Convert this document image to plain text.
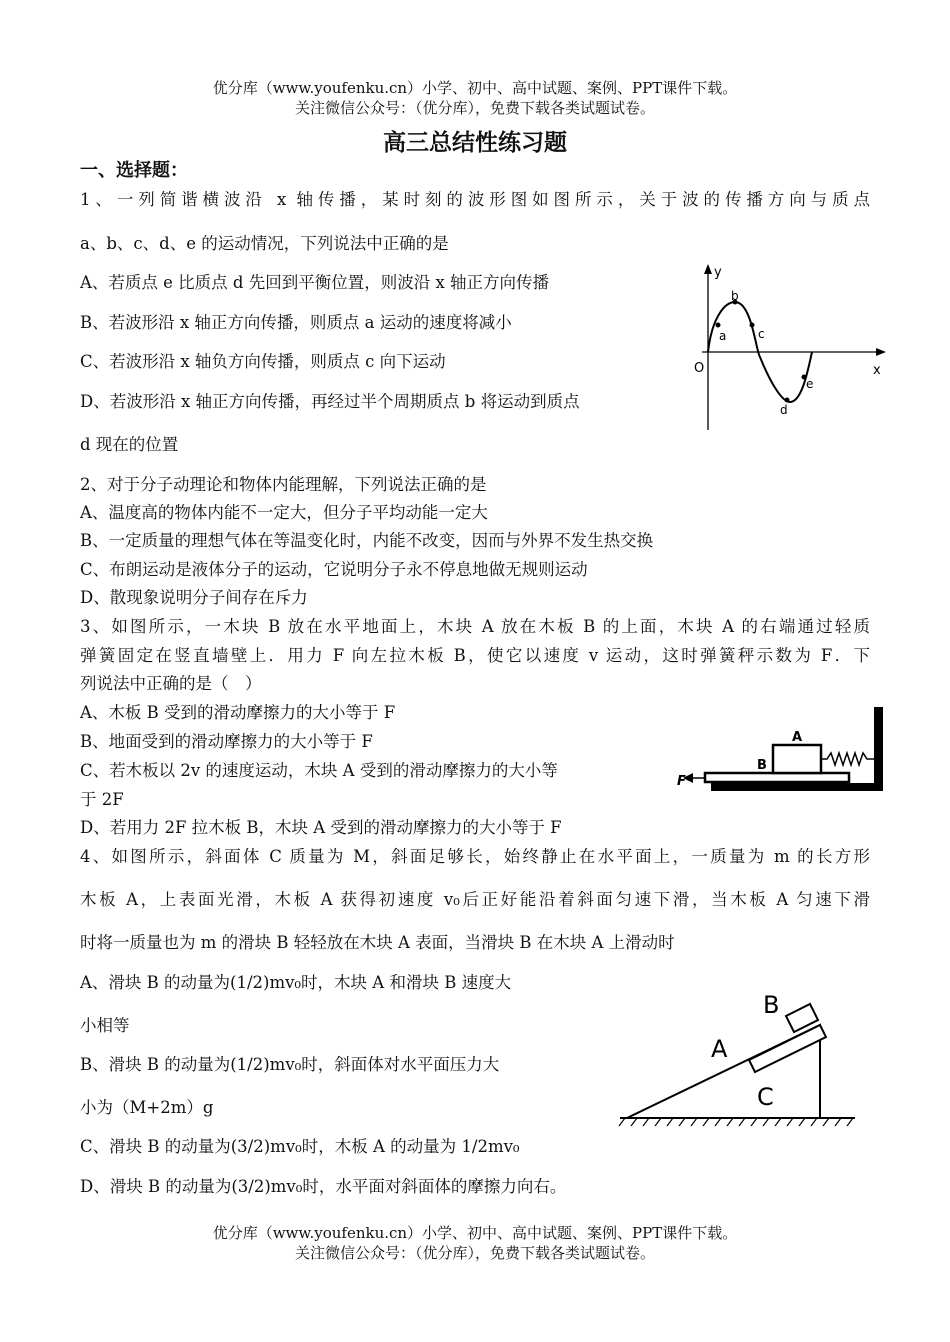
优分库（www.youfenku.cn）小学、初中、高中试题、案例、PPT课件下载。
关注微信公众号：（优分库），免费下载各类试题试卷。
高三总结性练习题
一、选择题：
1、一列简谐横波沿 x 轴传播，某时刻的波形图如图所示，关于波的传播方向与质点
a、b、c、d、e 的运动情况，下列说法中正确的是
A、若质点 e 比质点 d 先回到平衡位置，则波沿 x 轴正方向传播
B、若波形沿 x 轴正方向传播，则质点 a 运动的速度将减小
C、若波形沿 x 轴负方向传播，则质点 c 向下运动
D、若波形沿 x 轴正方向传播，再经过半个周期质点 b 将运动到质点
d 现在的位置
y
x
O
a
b
c
d
e
2、对于分子动理论和物体内能理解，下列说法正确的是
A、温度高的物体内能不一定大，但分子平均动能一定大
B、一定质量的理想气体在等温变化时，内能不改变，因而与外界不发生热交换
C、布朗运动是液体分子的运动，它说明分子永不停息地做无规则运动
D、散现象说明分子间存在斥力
3、如图所示，一木块 B 放在水平地面上，木块 A 放在木板 B 的上面，木块 A 的右端通过轻质
弹簧固定在竖直墙壁上．用力 F 向左拉木板 B，使它以速度 v 运动，这时弹簧秤示数为 F．下
列说法中正确的是（　）
A、木板 B 受到的滑动摩擦力的大小等于 F
B、地面受到的滑动摩擦力的大小等于 F
C、若木板以 2v 的速度运动，木块 A 受到的滑动摩擦力的大小等
于 2F
D、若用力 2F 拉木板 B，木块 A 受到的滑动摩擦力的大小等于 F
A
B
F
4、如图所示，斜面体 C 质量为 M，斜面足够长，始终静止在水平面上，一质量为 m 的长方形
木板 A，上表面光滑，木板 A 获得初速度 v₀后正好能沿着斜面匀速下滑，当木板 A 匀速下滑
时将一质量也为 m 的滑块 B 轻轻放在木块 A 表面，当滑块 B 在木块 A 上滑动时
A、滑块 B 的动量为(1/2)mv₀时，木块 A 和滑块 B 速度大
小相等
B、滑块 B 的动量为(1/2)mv₀时，斜面体对水平面压力大
小为（M+2m）g
C、滑块 B 的动量为(3/2)mv₀时，木板 A 的动量为 1/2mv₀
D、滑块 B 的动量为(3/2)mv₀时，水平面对斜面体的摩擦力向右。
A
B
C
优分库（www.youfenku.cn）小学、初中、高中试题、案例、PPT课件下载。
关注微信公众号：（优分库），免费下载各类试题试卷。
